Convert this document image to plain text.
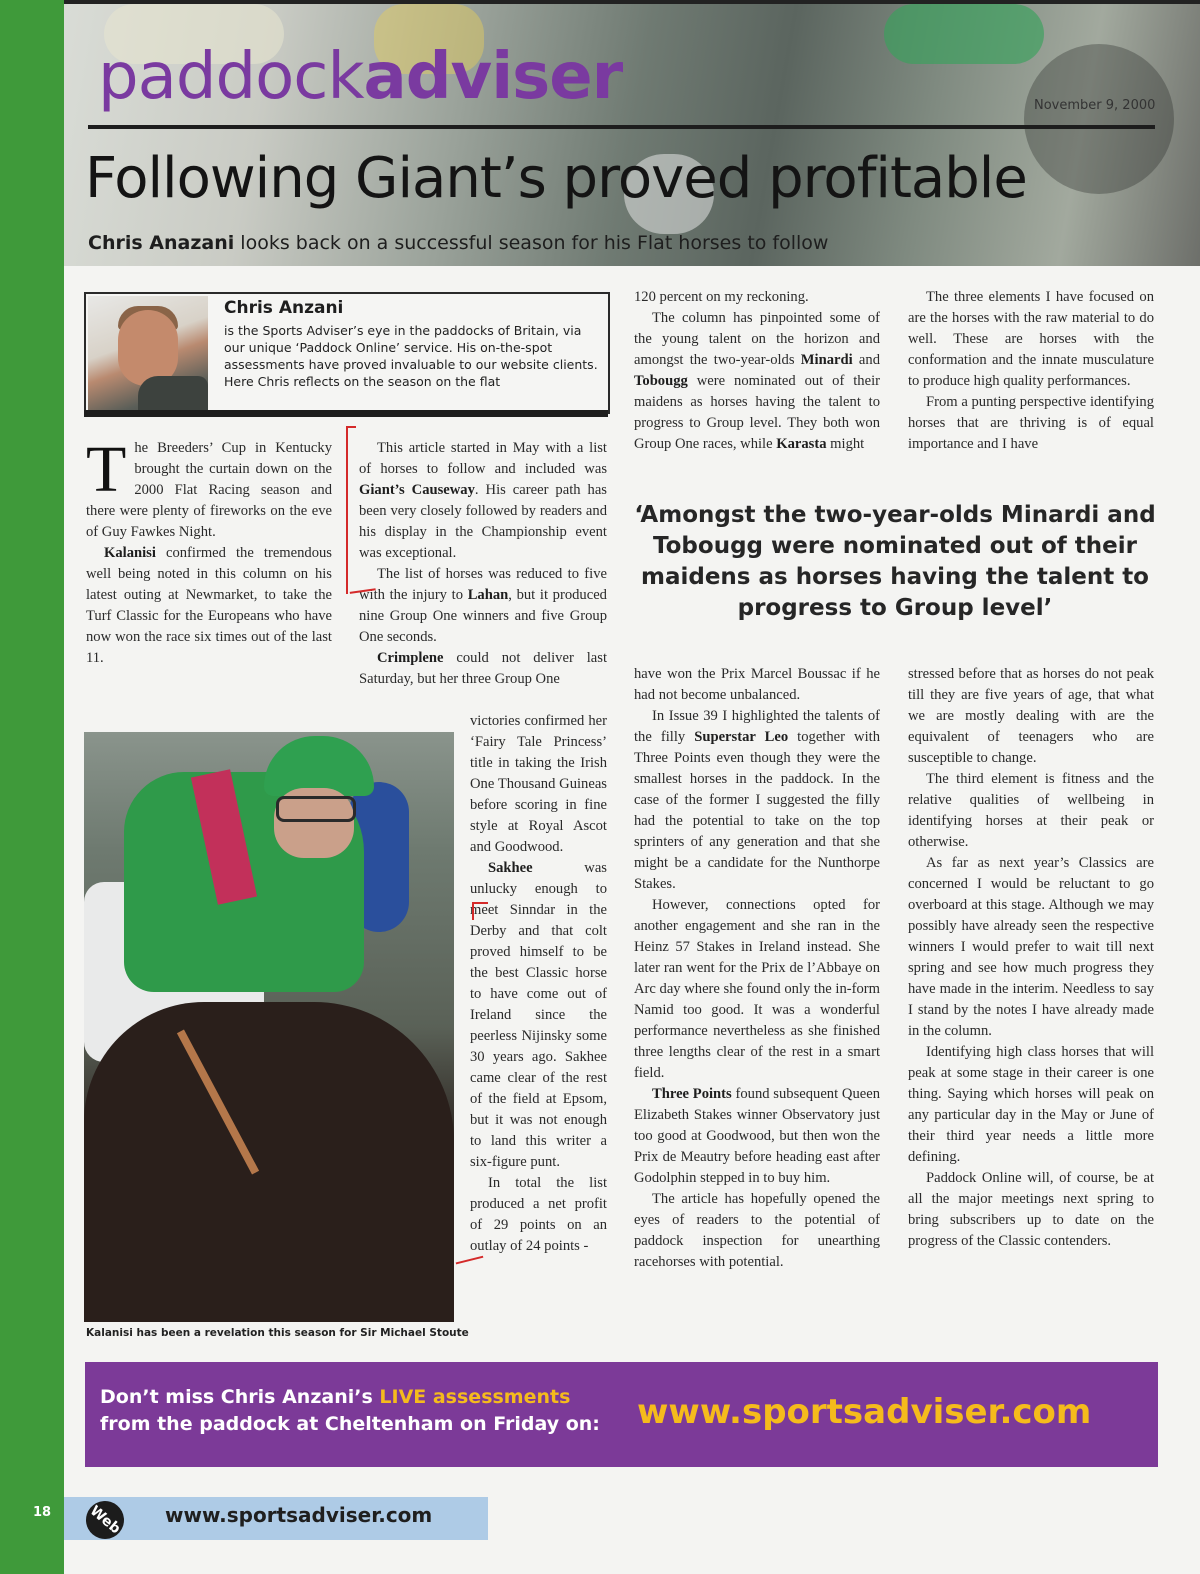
paddockadviser	November 9, 2000
Following Giant’s proved profitable
Chris Anazani looks back on a successful season for his Flat horses to follow
Chris Anzani
is the Sports Adviser’s eye in the paddocks of Britain, via our unique ‘Paddock Online’ service. His on-the-spot assessments have proved invaluable to our website clients. Here Chris reflects on the season on the flat

The Breeders’ Cup in Kentucky brought the curtain down on the 2000 Flat Racing season and there were plenty of fireworks on the eve of Guy Fawkes Night.

Kalanisi confirmed the tremendous well being noted in this column on his latest outing at Newmarket, to take the Turf Classic for the Europeans who have now won the race six times out of the last 11.

This article started in May with a list of horses to follow and included was Giant’s Causeway. His career path has been very closely followed by readers and his display in the Championship event was exceptional.

The list of horses was reduced to five with the injury to Lahan, but it produced nine Group One winners and five Group One seconds.

Crimplene could not deliver last Saturday, but her three Group One

victories confirmed her ‘Fairy Tale Princess’ title in taking the Irish One Thousand Guineas before scoring in fine style at Royal Ascot and Goodwood.

Sakhee was unlucky enough to meet Sinndar in the Derby and that colt proved himself to be the best Classic horse to have come out of Ireland since the peerless Nijinsky some 30 years ago. Sakhee came clear of the rest of the field at Epsom, but it was not enough to land this writer a six-figure punt.

In total the list produced a net profit of 29 points on an outlay of 24 points -

Kalanisi has been a revelation this season for Sir Michael Stoute

120 percent on my reckoning.

The column has pinpointed some of the young talent on the horizon and amongst the two-year-olds Minardi and Tobougg were nominated out of their maidens as horses having the talent to progress to Group level. They both won Group One races, while Karasta might

The three elements I have focused on are the horses with the raw material to do well. These are horses with the conformation and the innate musculature to produce high quality performances.

From a punting perspective identifying horses that are thriving is of equal importance and I have

‘Amongst the two-year-olds Minardi and Tobougg were nominated out of their maidens as horses having the talent to progress to Group level’

have won the Prix Marcel Boussac if he had not become unbalanced.

In Issue 39 I highlighted the talents of the filly Superstar Leo together with Three Points even though they were the smallest horses in the paddock. In the case of the former I suggested the filly had the potential to take on the top sprinters of any generation and that she might be a candidate for the Nunthorpe Stakes.

However, connections opted for another engagement and she ran in the Heinz 57 Stakes in Ireland instead. She later ran went for the Prix de l’Abbaye on Arc day where she found only the in-form Namid too good. It was a wonderful performance nevertheless as she finished three lengths clear of the rest in a smart field.

Three Points found subsequent Queen Elizabeth Stakes winner Observatory just too good at Goodwood, but then won the Prix de Meautry before heading east after Godolphin stepped in to buy him.

The article has hopefully opened the eyes of readers to the potential of paddock inspection for unearthing racehorses with potential.

stressed before that as horses do not peak till they are five years of age, that what we are mostly dealing with are the equivalent of teenagers who are susceptible to change.

The third element is fitness and the relative qualities of wellbeing in identifying horses at their peak or otherwise.

As far as next year’s Classics are concerned I would be reluctant to go overboard at this stage. Although we may possibly have already seen the respective winners I would prefer to wait till next spring and see how much progress they have made in the interim. Needless to say I stand by the notes I have already made in the column.

Identifying high class horses that will peak at some stage in their career is one thing. Saying which horses will peak on any particular day in the May or June of their third year needs a little more defining.

Paddock Online will, of course, be at all the major meetings next spring to bring subscribers up to date on the progress of the Classic contenders.

Don’t miss Chris Anzani’s LIVE assessments
from the paddock at Cheltenham on Friday on: www.sportsadviser.com
18	Web	www.sportsadviser.com
